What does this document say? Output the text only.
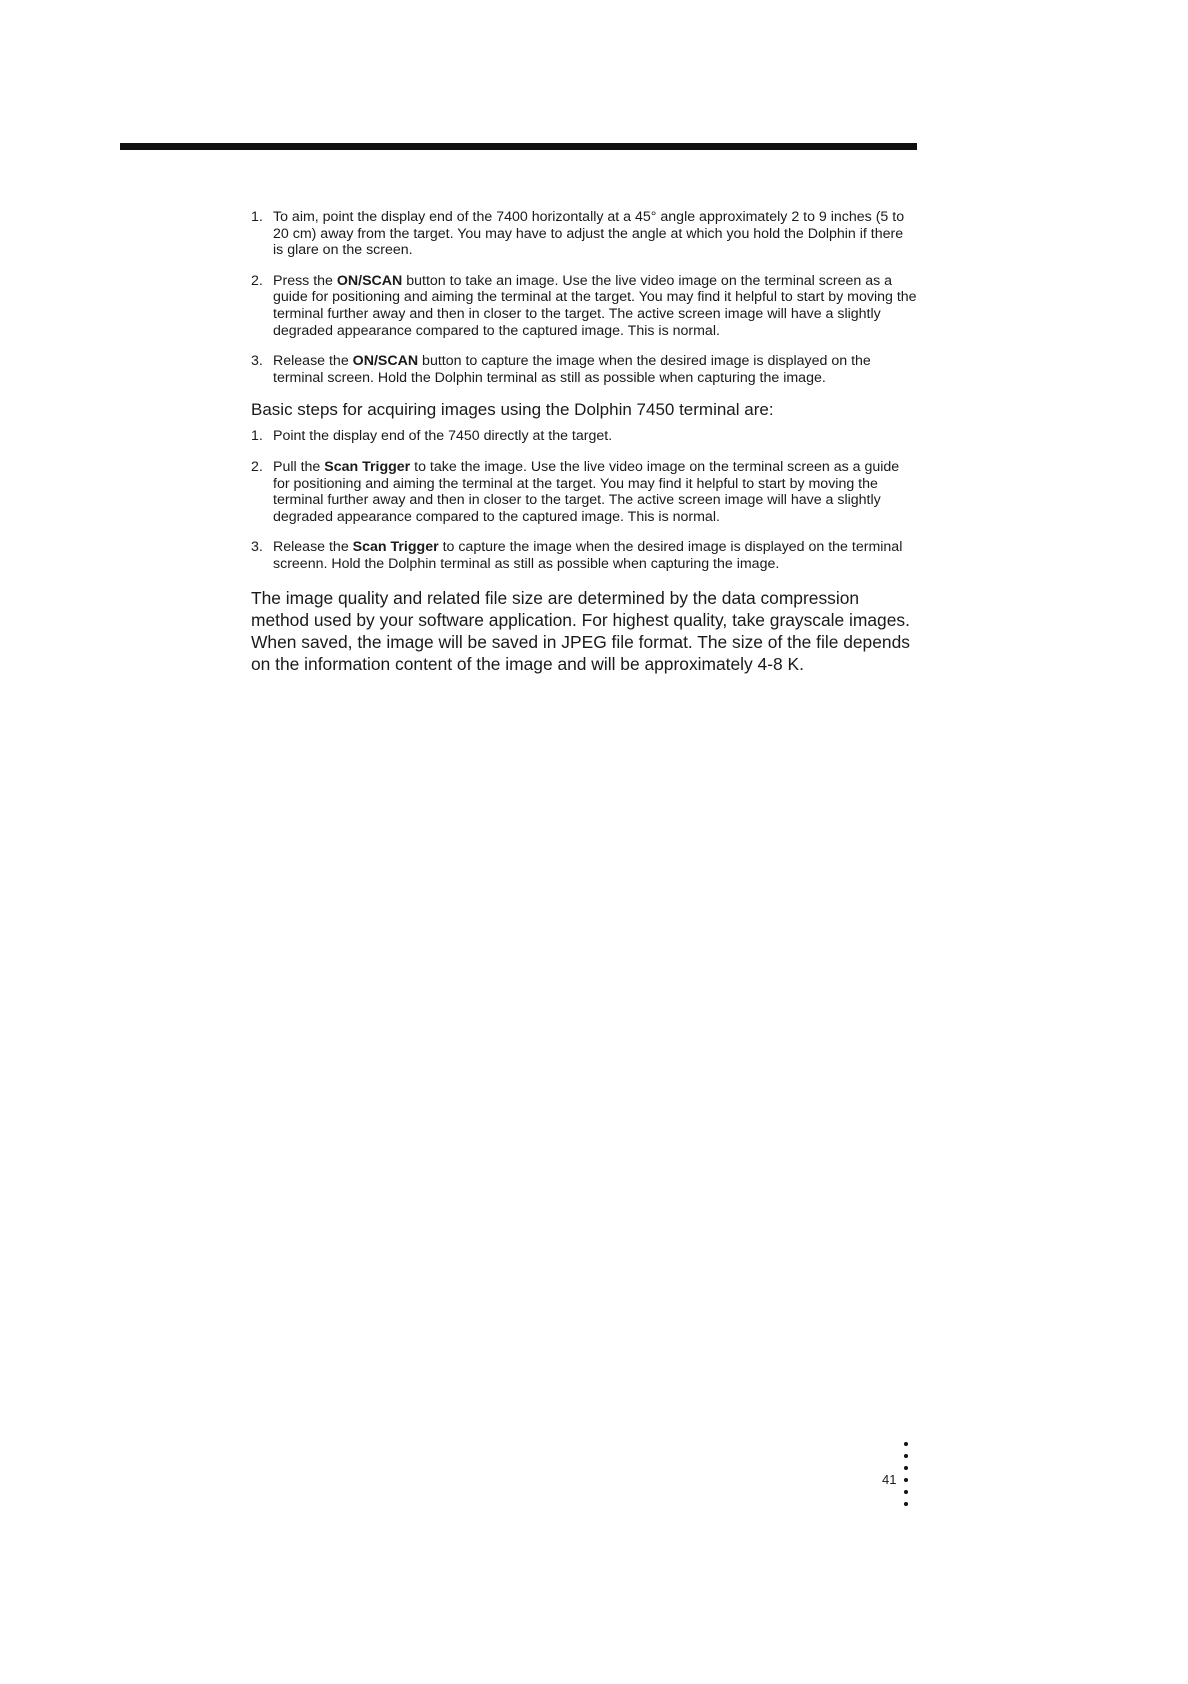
1. To aim, point the display end of the 7400 horizontally at a 45° angle approximately 2 to 9 inches (5 to 20 cm) away from the target. You may have to adjust the angle at which you hold the Dolphin if there is glare on the screen.
2. Press the ON/SCAN button to take an image. Use the live video image on the terminal screen as a guide for positioning and aiming the terminal at the target. You may find it helpful to start by moving the terminal further away and then in closer to the target. The active screen image will have a slightly degraded appearance compared to the captured image. This is normal.
3. Release the ON/SCAN button to capture the image when the desired image is displayed on the terminal screen. Hold the Dolphin terminal as still as possible when capturing the image.

Basic steps for acquiring images using the Dolphin 7450 terminal are:

1. Point the display end of the 7450 directly at the target.
2. Pull the Scan Trigger to take the image. Use the live video image on the terminal screen as a guide for positioning and aiming the terminal at the target. You may find it helpful to start by moving the terminal further away and then in closer to the target. The active screen image will have a slightly degraded appearance compared to the captured image. This is normal.
3. Release the Scan Trigger to capture the image when the desired image is displayed on the terminal screenn. Hold the Dolphin terminal as still as possible when capturing the image.

The image quality and related file size are determined by the data compression method used by your software application. For highest quality, take grayscale images. When saved, the image will be saved in JPEG file format. The size of the file depends on the information content of the image and will be approximately 4-8 K.

41
